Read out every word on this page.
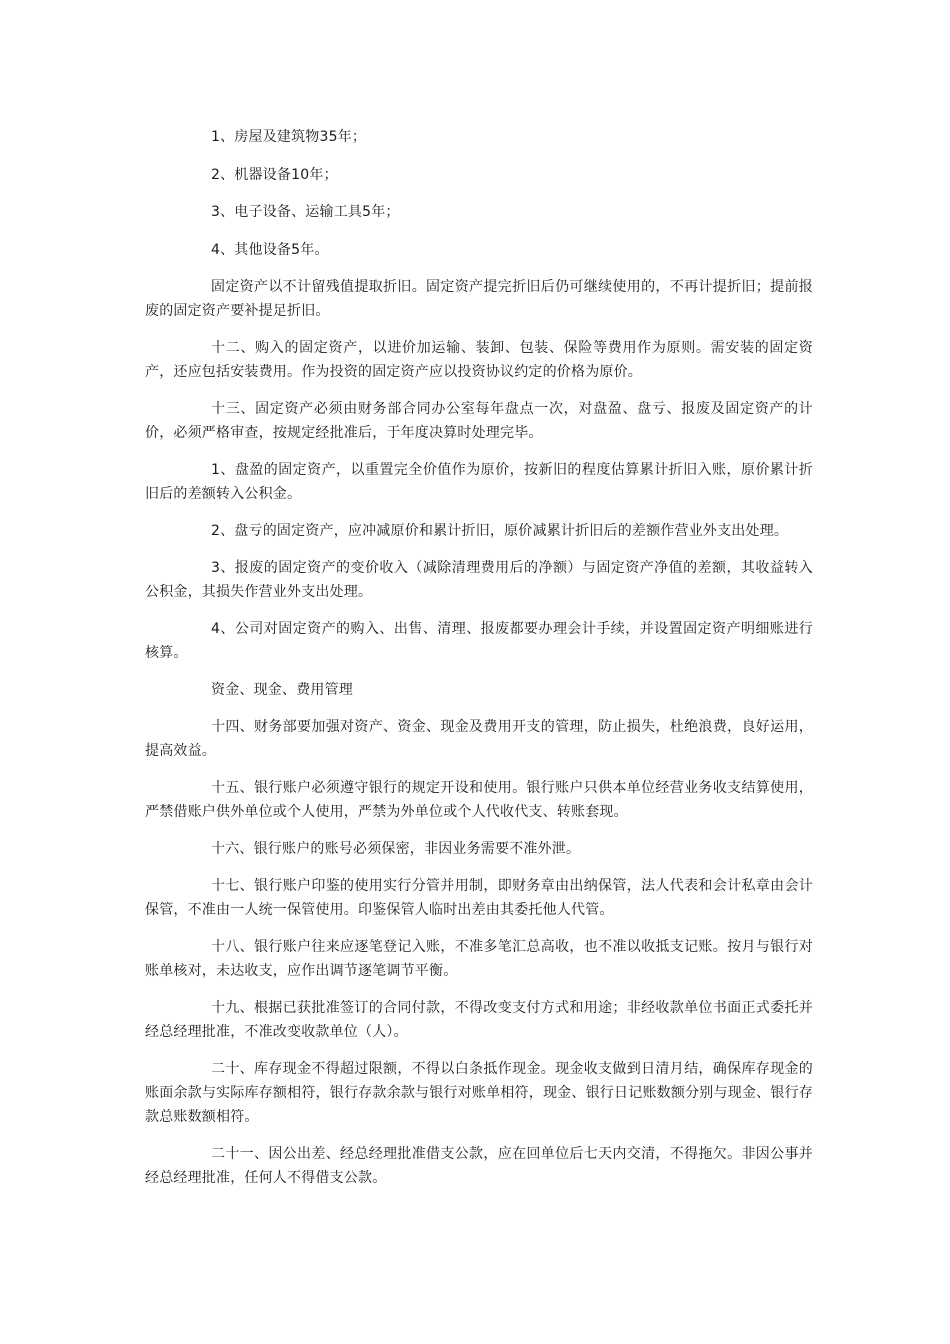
1、房屋及建筑物35年；

2、机器设备10年；

3、电子设备、运输工具5年；

4、其他设备5年。

固定资产以不计留残值提取折旧。固定资产提完折旧后仍可继续使用的，不再计提折旧；提前报废的固定资产要补提足折旧。

十二、购入的固定资产，以进价加运输、装卸、包装、保险等费用作为原则。需安装的固定资产，还应包括安装费用。作为投资的固定资产应以投资协议约定的价格为原价。

十三、固定资产必须由财务部合同办公室每年盘点一次，对盘盈、盘亏、报废及固定资产的计价，必须严格审查，按规定经批准后，于年度决算时处理完毕。

1、盘盈的固定资产，以重置完全价值作为原价，按新旧的程度估算累计折旧入账，原价累计折旧后的差额转入公积金。

2、盘亏的固定资产，应冲减原价和累计折旧，原价减累计折旧后的差额作营业外支出处理。

3、报废的固定资产的变价收入（减除清理费用后的净额）与固定资产净值的差额，其收益转入公积金，其损失作营业外支出处理。

4、公司对固定资产的购入、出售、清理、报废都要办理会计手续，并设置固定资产明细账进行核算。

资金、现金、费用管理

十四、财务部要加强对资产、资金、现金及费用开支的管理，防止损失，杜绝浪费，良好运用，提高效益。

十五、银行账户必须遵守银行的规定开设和使用。银行账户只供本单位经营业务收支结算使用，严禁借账户供外单位或个人使用，严禁为外单位或个人代收代支、转账套现。

十六、银行账户的账号必须保密，非因业务需要不准外泄。

十七、银行账户印鉴的使用实行分管并用制，即财务章由出纳保管，法人代表和会计私章由会计保管，不准由一人统一保管使用。印鉴保管人临时出差由其委托他人代管。

十八、银行账户往来应逐笔登记入账，不准多笔汇总高收，也不准以收抵支记账。按月与银行对账单核对，未达收支，应作出调节逐笔调节平衡。

十九、根据已获批准签订的合同付款，不得改变支付方式和用途；非经收款单位书面正式委托并经总经理批准，不准改变收款单位（人）。

二十、库存现金不得超过限额，不得以白条抵作现金。现金收支做到日清月结，确保库存现金的账面余款与实际库存额相符，银行存款余款与银行对账单相符，现金、银行日记账数额分别与现金、银行存款总账数额相符。

二十一、因公出差、经总经理批准借支公款，应在回单位后七天内交清，不得拖欠。非因公事并经总经理批准，任何人不得借支公款。
